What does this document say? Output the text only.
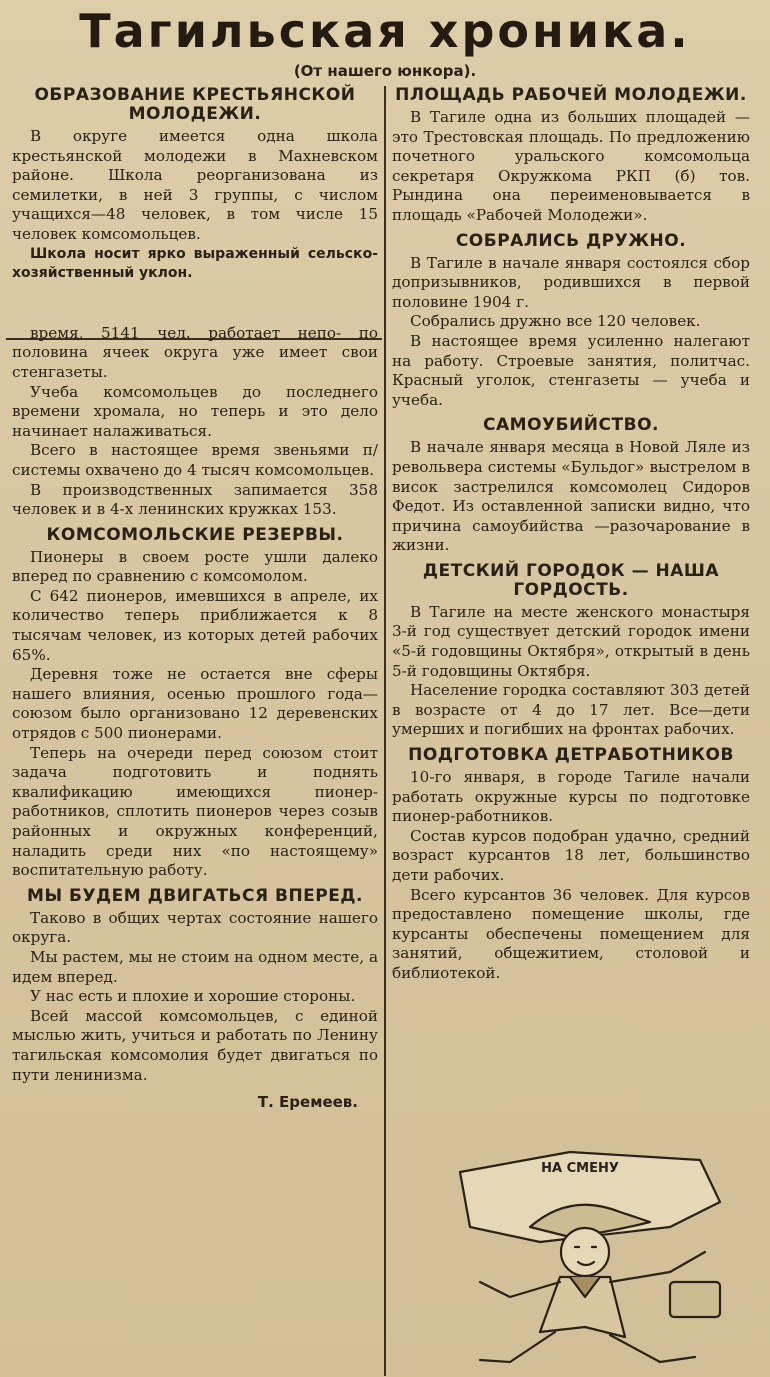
Тагильская хроника.
(От нашего юнкора).
ОБРАЗОВАНИЕ КРЕСТЬЯНСКОЙ МОЛОДЕЖИ.

В округе имеется одна школа крестьянской молодежи в Махневском районе. Школа реорганизована из семилетки, в ней 3 группы, с числом учащихся—48 человек, в том числе 15 человек комсомольцев.

Школа носит ярко выраженный сельско-хозяйственный уклон.

время, 5141 чел. работает непо- по половина ячеек округа уже имеет свои стенгазеты.

Учеба комсомольцев до последнего времени хромала, но теперь и это дело начинает налаживаться.

Всего в настоящее время звеньями п/системы охвачено до 4 тысяч комсомольцев.

В производственных запимается 358 человек и в 4-х ленинских кружках 153.

КОМСОМОЛЬСКИЕ РЕЗЕРВЫ.

Пионеры в своем росте ушли далеко вперед по сравнению с комсомолом.

С 642 пионеров, имевшихся в апреле, их количество теперь приближается к 8 тысячам человек, из которых детей рабочих 65%.

Деревня тоже не остается вне сферы нашего влияния, осенью прошлого года—союзом было организовано 12 деревенских отрядов с 500 пионерами.

Теперь на очереди перед союзом стоит задача подготовить и поднять квалификацию имеющихся пионер-работников, сплотить пионеров через созыв районных и окружных конференций, наладить среди них «по настоящему» воспитательную работу.

МЫ БУДЕМ ДВИГАТЬСЯ ВПЕРЕД.

Таково в общих чертах состояние нашего округа.

Мы растем, мы не стоим на одном месте, а идем вперед.

У нас есть и плохие и хорошие стороны.

Всей массой комсомольцев, с единой мыслью жить, учиться и работать по Ленину тагильская комсомолия будет двигаться по пути ленинизма.

Т. Еремеев.
ПЛОЩАДЬ РАБОЧЕЙ МОЛОДЕЖИ.

В Тагиле одна из больших площадей — это Трестовская площадь. По предложению почетного уральского комсомольца секретаря Окружкома РКП (б) тов. Рындина она переименовывается в площадь «Рабочей Молодежи».

СОБРАЛИСЬ ДРУЖНО.

В Тагиле в начале января состоялся сбор допризывников, родившихся в первой половине 1904 г.

Собрались дружно все 120 человек.

В настоящее время усиленно налегают на работу. Строевые занятия, политчас. Красный уголок, стенгазеты — учеба и учеба.

САМОУБИЙСТВО.

В начале января месяца в Новой Ляле из револьвера системы «Бульдог» выстрелом в висок застрелился комсомолец Сидоров Федот. Из оставленной записки видно, что причина самоубийства —разочарование в жизни.

ДЕТСКИЙ ГОРОДОК — НАША ГОРДОСТЬ.

В Тагиле на месте женского монастыря 3-й год существует детский городок имени «5-й годовщины Октября», открытый в день 5-й годовщины Октября.

Население городка составляют 303 детей в возрасте от 4 до 17 лет. Все—дети умерших и погибших на фронтах рабочих.

ПОДГОТОВКА ДЕТРАБОТНИКОВ

10-го января, в городе Тагиле начали работать окружные курсы по подготовке пионер-работников.

Состав курсов подобран удачно, средний возраст курсантов 18 лет, большинство дети рабочих.

Всего курсантов 36 человек. Для курсов предоставлено помещение школы, где курсанты обеспечены помещением для занятий, общежитием, столовой и библиотекой.

НА СМЕНУ
